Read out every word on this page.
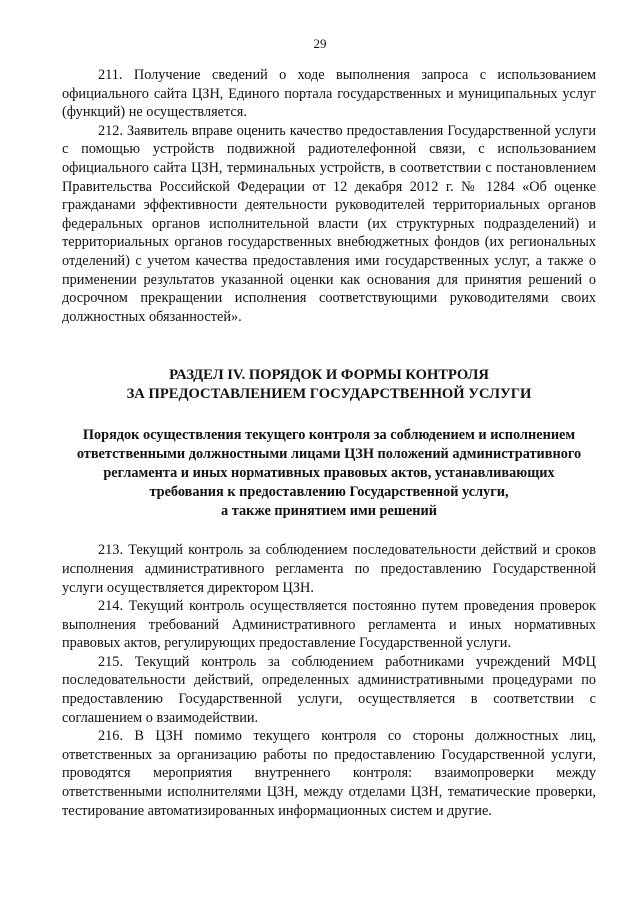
29

211. Получение сведений о ходе выполнения запроса с использованием официального сайта ЦЗН, Единого портала государственных и муниципальных услуг (функций) не осуществляется.

212. Заявитель вправе оценить качество предоставления Государственной услуги с помощью устройств подвижной радиотелефонной связи, с использованием официального сайта ЦЗН, терминальных устройств, в соответствии с постановлением Правительства Российской Федерации от 12 декабря 2012 г. № 1284 «Об оценке гражданами эффективности деятельности руководителей территориальных органов федеральных органов исполнительной власти (их структурных подразделений) и территориальных органов государственных внебюджетных фондов (их региональных отделений) с учетом качества предоставления ими государственных услуг, а также о применении результатов указанной оценки как основания для принятия решений о досрочном прекращении исполнения соответствующими руководителями своих должностных обязанностей».

РАЗДЕЛ IV. ПОРЯДОК И ФОРМЫ КОНТРОЛЯ
ЗА ПРЕДОСТАВЛЕНИЕМ ГОСУДАРСТВЕННОЙ УСЛУГИ
Порядок осуществления текущего контроля за соблюдением и исполнением
ответственными должностными лицами ЦЗН положений административного
регламента и иных нормативных правовых актов, устанавливающих
требования к предоставлению Государственной услуги,
а также принятием ими решений

213. Текущий контроль за соблюдением последовательности действий и сроков исполнения административного регламента по предоставлению Государственной услуги осуществляется директором ЦЗН.

214. Текущий контроль осуществляется постоянно путем проведения проверок выполнения требований Административного регламента и иных нормативных правовых актов, регулирующих предоставление Государственной услуги.

215. Текущий контроль за соблюдением работниками учреждений МФЦ последовательности действий, определенных административными процедурами по предоставлению Государственной услуги, осуществляется в соответствии с соглашением о взаимодействии.

216. В ЦЗН помимо текущего контроля со стороны должностных лиц, ответственных за организацию работы по предоставлению Государственной услуги, проводятся мероприятия внутреннего контроля: взаимопроверки между ответственными исполнителями ЦЗН, между отделами ЦЗН, тематические проверки, тестирование автоматизированных информационных систем и другие.
